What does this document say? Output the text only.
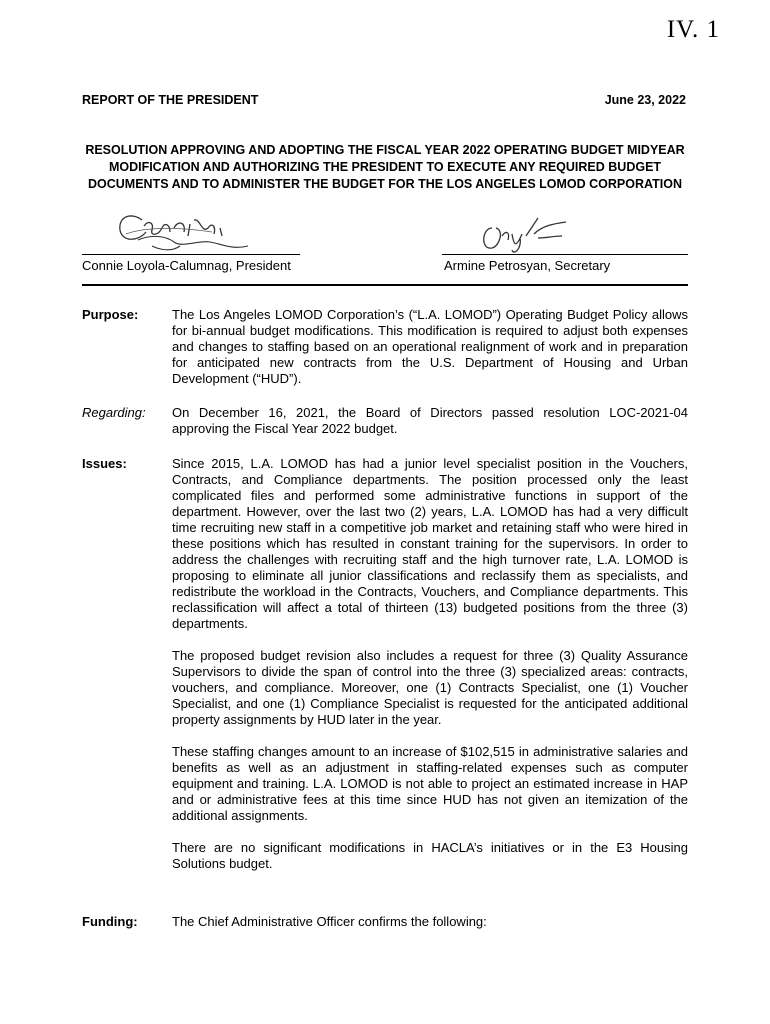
IV. 1
REPORT OF THE PRESIDENT	June 23, 2022
RESOLUTION APPROVING AND ADOPTING THE FISCAL YEAR 2022 OPERATING BUDGET MIDYEAR MODIFICATION AND AUTHORIZING THE PRESIDENT TO EXECUTE ANY REQUIRED BUDGET DOCUMENTS AND TO ADMINISTER THE BUDGET FOR THE LOS ANGELES LOMOD CORPORATION
Connie Loyola-Calumnag, President	Armine Petrosyan, Secretary
Purpose:	The Los Angeles LOMOD Corporation’s (“L.A. LOMOD”) Operating Budget Policy allows for bi-annual budget modifications. This modification is required to adjust both expenses and changes to staffing based on an operational realignment of work and in preparation for anticipated new contracts from the U.S. Department of Housing and Urban Development (“HUD”).
Regarding: On December 16, 2021, the Board of Directors passed resolution LOC-2021-04 approving the Fiscal Year 2022 budget.
Issues:	Since 2015, L.A. LOMOD has had a junior level specialist position in the Vouchers, Contracts, and Compliance departments. The position processed only the least complicated files and performed some administrative functions in support of the department. However, over the last two (2) years, L.A. LOMOD has had a very difficult time recruiting new staff in a competitive job market and retaining staff who were hired in these positions which has resulted in constant training for the supervisors. In order to address the challenges with recruiting staff and the high turnover rate, L.A. LOMOD is proposing to eliminate all junior classifications and reclassify them as specialists, and redistribute the workload in the Contracts, Vouchers, and Compliance departments. This reclassification will affect a total of thirteen (13) budgeted positions from the three (3) departments.

The proposed budget revision also includes a request for three (3) Quality Assurance Supervisors to divide the span of control into the three (3) specialized areas: contracts, vouchers, and compliance. Moreover, one (1) Contracts Specialist, one (1) Voucher Specialist, and one (1) Compliance Specialist is requested for the anticipated additional property assignments by HUD later in the year.

These staffing changes amount to an increase of $102,515 in administrative salaries and benefits as well as an adjustment in staffing-related expenses such as computer equipment and training. L.A. LOMOD is not able to project an estimated increase in HAP and or administrative fees at this time since HUD has not given an itemization of the additional assignments.

There are no significant modifications in HACLA’s initiatives or in the E3 Housing Solutions budget.

Funding:	The Chief Administrative Officer confirms the following:
